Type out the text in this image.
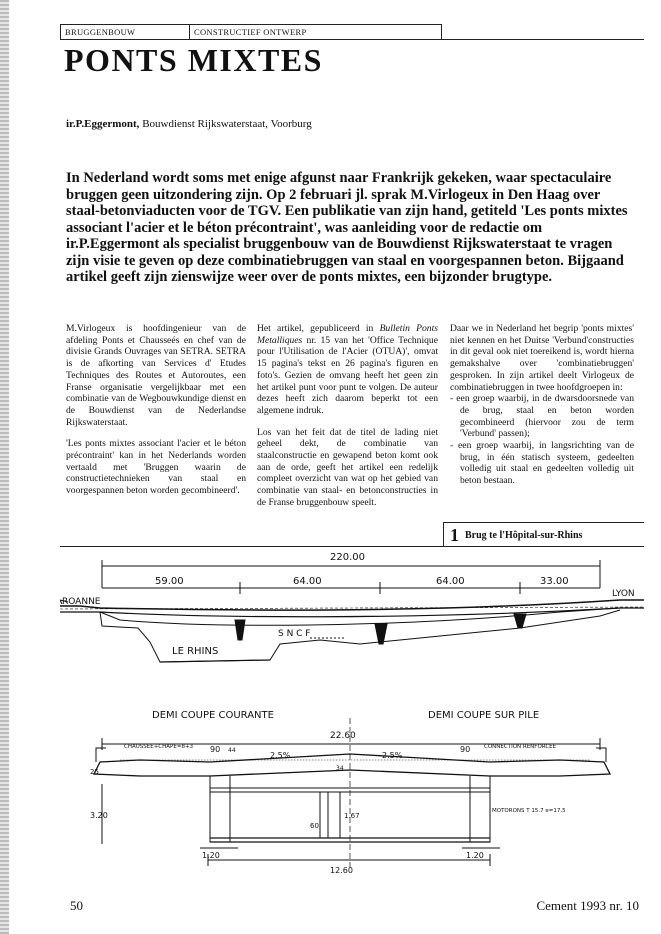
BRUGGENBOUW	CONSTRUCTIEF ONTWERP
PONTS MIXTES
ir.P.Eggermont, Bouwdienst Rijkswaterstaat, Voorburg
In Nederland wordt soms met enige afgunst naar Frankrijk gekeken, waar spectaculaire bruggen geen uitzondering zijn. Op 2 februari jl. sprak M.Virlogeux in Den Haag over staal-betonviaducten voor de TGV. Een publikatie van zijn hand, getiteld 'Les ponts mixtes associant l'acier et le béton précontraint', was aanleiding voor de redactie om ir.P.Eggermont als specialist bruggenbouw van de Bouwdienst Rijkswaterstaat te vragen zijn visie te geven op deze combinatiebruggen van staal en voorgespannen beton. Bijgaand artikel geeft zijn zienswijze weer over de ponts mixtes, een bijzonder brugtype.

M.Virlogeux is hoofdingenieur van de afdeling Ponts et Chausseés en chef van de divisie Grands Ouvrages van SETRA. SETRA is de afkorting van Services d' Etudes Techniques des Routes et Autoroutes, een Franse organisatie vergelijkbaar met een combinatie van de Wegbouwkundige dienst en de Bouwdienst van de Nederlandse Rijkswaterstaat.

'Les ponts mixtes associant l'acier et le béton précontraint' kan in het Nederlands worden vertaald met 'Bruggen waarin de constructietechnieken van staal en voorgespannen beton worden gecombineerd'.

Het artikel, gepubliceerd in Bulletin Ponts Metalliques nr. 15 van het 'Office Technique pour l'Utilisation de l'Acier (OTUA)', omvat 15 pagina's tekst en 26 pagina's figuren en foto's. Gezien de omvang heeft het geen zin het artikel punt voor punt te volgen. De auteur dezes heeft zich daarom beperkt tot een algemene indruk.

Los van het feit dat de titel de lading niet geheel dekt, de combinatie van staalconstructie en gewapend beton komt ook aan de orde, geeft het artikel een redelijk compleet overzicht van wat op het gebied van combinatie van staal- en betonconstructies in de Franse bruggenbouw speelt.

Daar we in Nederland het begrip 'ponts mixtes' niet kennen en het Duitse 'Verbund'constructies in dit geval ook niet toereikend is, wordt hierna gemakshalve over 'combinatiebruggen' gesproken. In zijn artikel deelt Virlogeux de combinatiebruggen in twee hoofdgroepen in:

- een groep waarbij, in de dwarsdoorsnede van de brug, staal en beton worden gecombineerd (hiervoor zou de term 'Verbund' passen);
- een groep waarbij, in langsrichting van de brug, in één statisch systeem, gedeelten volledig uit staal en gedeelten volledig uit beton bestaan.
1 Brug te l'Hôpital-sur-Rhins
220.00
59.00	64.00	64.00	33.00
ROANNE
LYON
LE RHINS
S N C F
DEMI COUPE COURANTE	DEMI COUPE SUR PILE
22.60
CHAUSSEE+CHAPE=8+3	CONNECTION RENFORCEE
MOTORONS T 15.7 e=17.5
90 44	90
2.5%	2.5%
25	34
3.20	1.67
60
1.20	1.20
12.60
50	Cement 1993 nr. 10
